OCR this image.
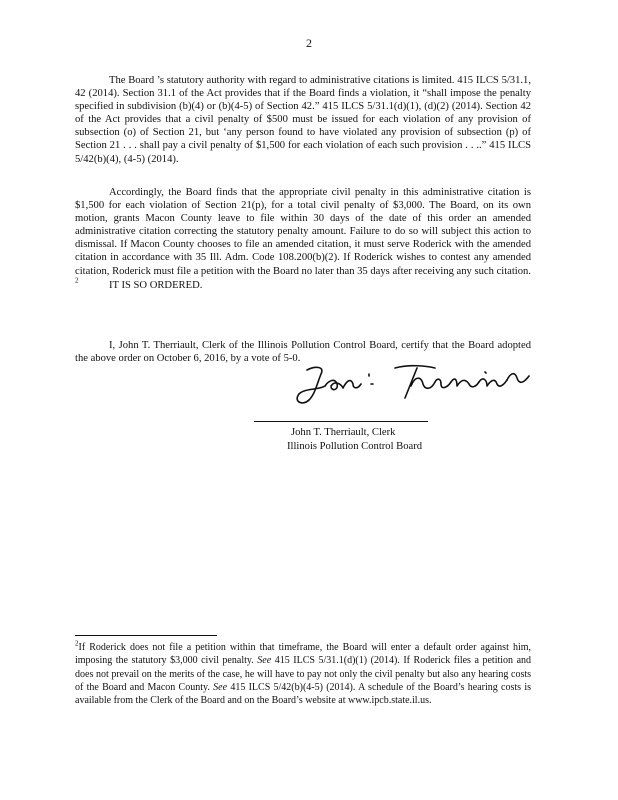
2

The Board ’s statutory authority with regard to administrative citations is limited. 415 ILCS 5/31.1, 42 (2014). Section 31.1 of the Act provides that if the Board finds a violation, it “shall impose the penalty specified in subdivision (b)(4) or (b)(4-5) of Section 42.” 415 ILCS 5/31.1(d)(1), (d)(2) (2014). Section 42 of the Act provides that a civil penalty of $500 must be issued for each violation of any provision of subsection (o) of Section 21, but ‘any person found to have violated any provision of subsection (p) of Section 21 . . . shall pay a civil penalty of $1,500 for each violation of each such provision . . ..” 415 ILCS 5/42(b)(4), (4-5) (2014).

Accordingly, the Board finds that the appropriate civil penalty in this administrative citation is $1,500 for each violation of Section 21(p), for a total civil penalty of $3,000. The Board, on its own motion, grants Macon County leave to file within 30 days of the date of this order an amended administrative citation correcting the statutory penalty amount. Failure to do so will subject this action to dismissal. If Macon County chooses to file an amended citation, it must serve Roderick with the amended citation in accordance with 35 Ill. Adm. Code 108.200(b)(2). If Roderick wishes to contest any amended citation, Roderick must file a petition with the Board no later than 35 days after receiving any such citation. $^2$	IT IS SO ORDERED.

I, John T. Therriault, Clerk of the Illinois Pollution Control Board, certify that the Board adopted the above order on October 6, 2016, by a vote of 5-0.

John T. Therriault, Clerk
Illinois Pollution Control Board

$^2$If Roderick does not file a petition within that timeframe, the Board will enter a default order against him, imposing the statutory $3,000 civil penalty. See 415 ILCS 5/31.1(d)(1) (2014). If Roderick files a petition and does not prevail on the merits of the case, he will have to pay not only the civil penalty but also any hearing costs of the Board and Macon County. See 415 ILCS 5/42(b)(4-5) (2014). A schedule of the Board’s hearing costs is available from the Clerk of the Board and on the Board’s website at www.ipcb.state.il.us.
